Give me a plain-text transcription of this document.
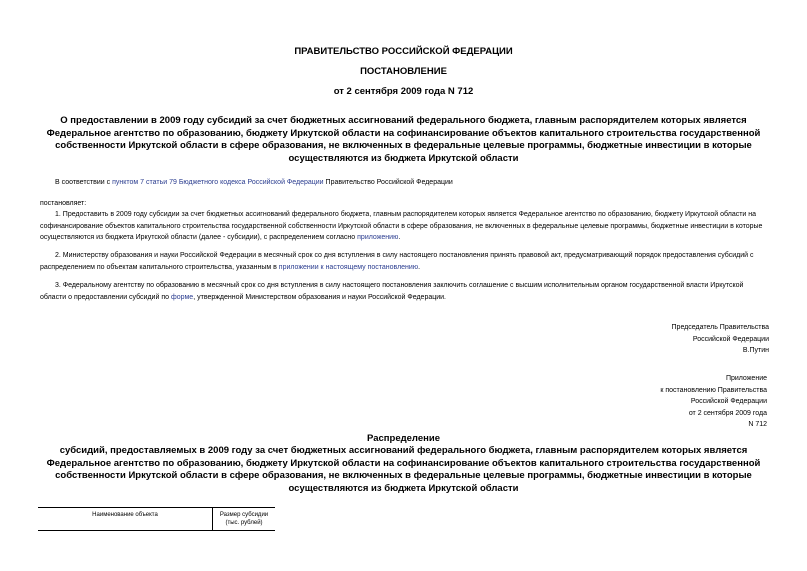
ПРАВИТЕЛЬСТВО РОССИЙСКОЙ ФЕДЕРАЦИИ
ПОСТАНОВЛЕНИЕ
от 2 сентября 2009 года N 712
О предоставлении в 2009 году субсидий за счет бюджетных ассигнований федерального бюджета, главным распорядителем которых является Федеральное агентство по образованию, бюджету Иркутской области на софинансирование объектов капитального строительства государственной собственности Иркутской области в сфере образования, не включенных в федеральные целевые программы, бюджетные инвестиции в которые осуществляются из бюджета Иркутской области
В соответствии с пунктом 7 статьи 79 Бюджетного кодекса Российской Федерации Правительство Российской Федерации
постановляет:
1. Предоставить в 2009 году субсидии за счет бюджетных ассигнований федерального бюджета, главным распорядителем которых является Федеральное агентство по образованию, бюджету Иркутской области на софинансирование объектов капитального строительства государственной собственности Иркутской области в сфере образования, не включенных в федеральные целевые программы, бюджетные инвестиции в которые осуществляются из бюджета Иркутской области (далее - субсидии), с распределением согласно приложению.
2. Министерству образования и науки Российской Федерации в месячный срок со дня вступления в силу настоящего постановления принять правовой акт, предусматривающий порядок предоставления субсидий с распределением по объектам капитального строительства, указанным в приложении к настоящему постановлению.
3. Федеральному агентству по образованию в месячный срок со дня вступления в силу настоящего постановления заключить соглашение с высшим исполнительным органом государственной власти Иркутской области о предоставлении субсидий по форме, утвержденной Министерством образования и науки Российской Федерации.
Председатель Правительства
Российской Федерации
В.Путин
Приложение
к постановлению Правительства
Российской Федерации
от 2 сентября 2009 года
N 712
Распределение
субсидий, предоставляемых в 2009 году за счет бюджетных ассигнований федерального бюджета, главным распорядителем которых является Федеральное агентство по образованию, бюджету Иркутской области на софинансирование объектов капитального строительства государственной собственности Иркутской области в сфере образования, не включенных в федеральные целевые программы, бюджетные инвестиции в которые осуществляются из бюджета Иркутской области
Наименование объекта	Размер субсидии
(тыс. рублей)
